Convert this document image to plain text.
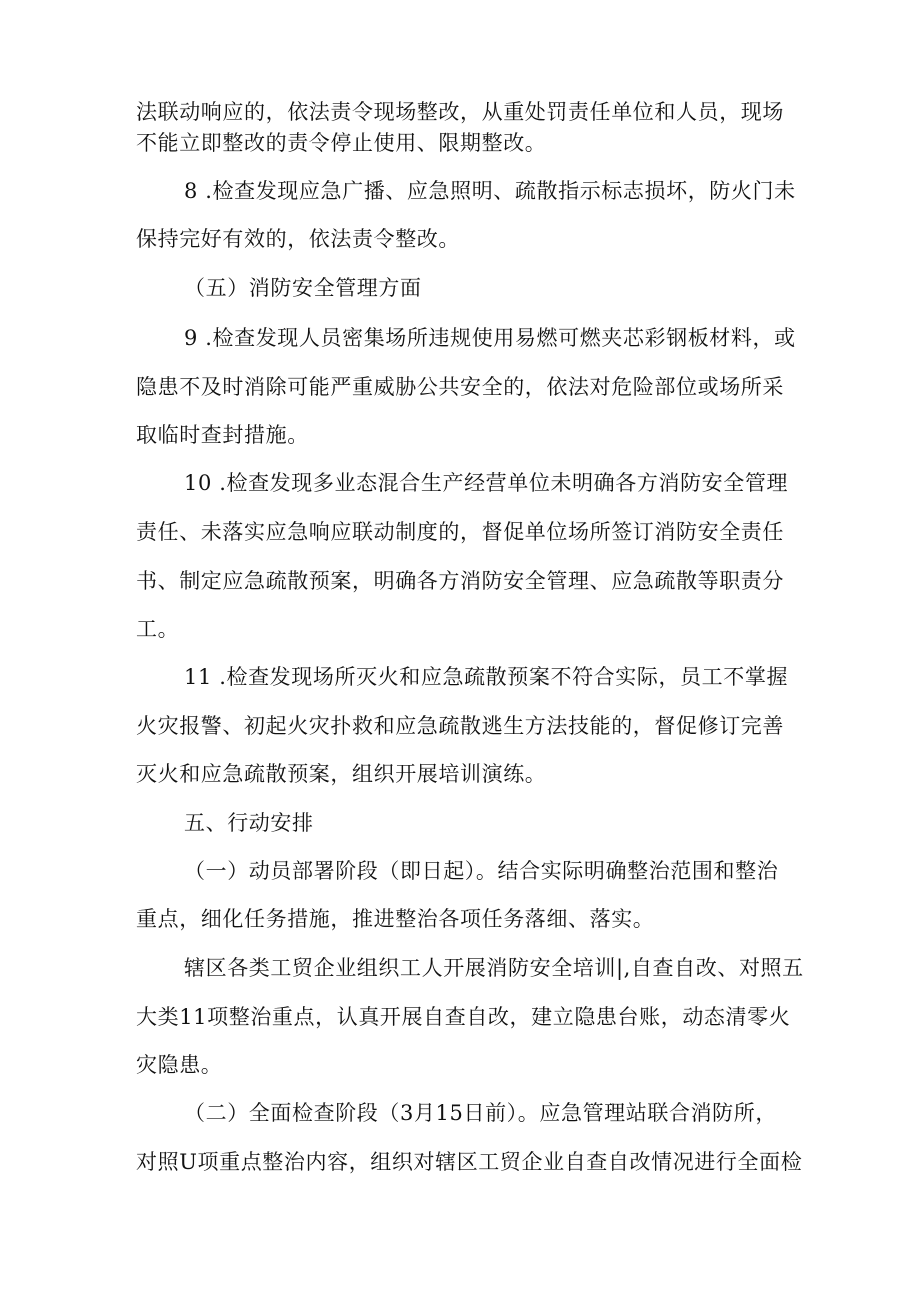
法联动响应的，依法责令现场整改，从重处罚责任单位和人员，现场
不能立即整改的责令停止使用、限期整改。
8 .检查发现应急广播、应急照明、疏散指示标志损坏，防火门未
保持完好有效的，依法责令整改。
（五）消防安全管理方面
9 .检查发现人员密集场所违规使用易燃可燃夹芯彩钢板材料，或
隐患不及时消除可能严重威胁公共安全的，依法对危险部位或场所采
取临时查封措施。
10 .检查发现多业态混合生产经营单位未明确各方消防安全管理
责任、未落实应急响应联动制度的，督促单位场所签订消防安全责任
书、制定应急疏散预案，明确各方消防安全管理、应急疏散等职责分
工。
11 .检查发现场所灭火和应急疏散预案不符合实际，员工不掌握
火灾报警、初起火灾扑救和应急疏散逃生方法技能的，督促修订完善
灭火和应急疏散预案，组织开展培训演练。
五、行动安排
（一）动员部署阶段（即日起）。结合实际明确整治范围和整治
重点，细化任务措施，推进整治各项任务落细、落实。
辖区各类工贸企业组织工人开展消防安全培训|,自查自改、对照五
大类11项整治重点，认真开展自查自改，建立隐患台账，动态清零火
灾隐患。
（二）全面检查阶段（3月15日前）。应急管理站联合消防所，
对照U项重点整治内容，组织对辖区工贸企业自查自改情况进行全面检
